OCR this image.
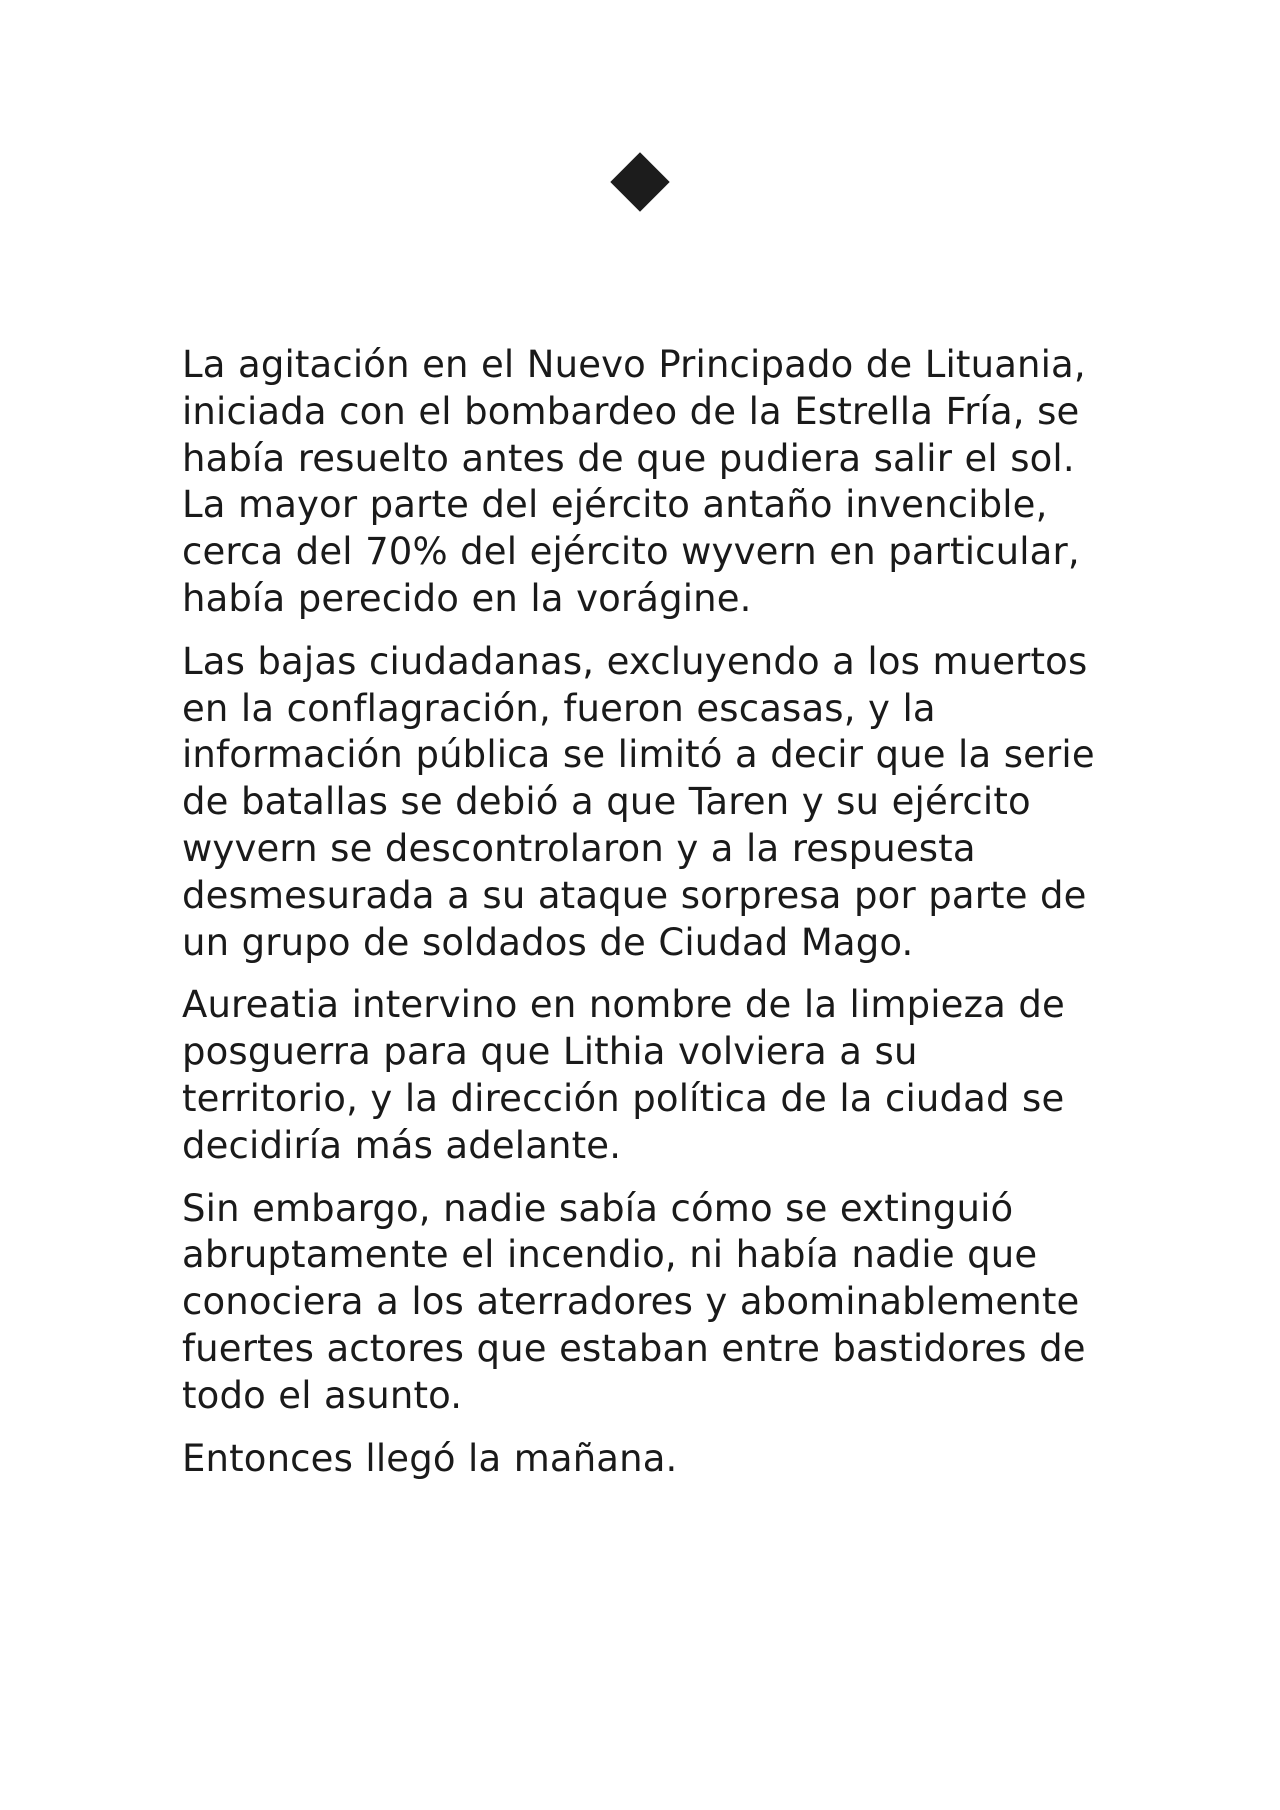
La agitación en el Nuevo Principado de Lituania, iniciada con el bombardeo de la Estrella Fría, se había resuelto antes de que pudiera salir el sol. La mayor parte del ejército antaño invencible, cerca del 70% del ejército wyvern en particular, había perecido en la vorágine.

Las bajas ciudadanas, excluyendo a los muertos en la conflagración, fueron escasas, y la información pública se limitó a decir que la serie de batallas se debió a que Taren y su ejército wyvern se descontrolaron y a la respuesta desmesurada a su ataque sorpresa por parte de un grupo de soldados de Ciudad Mago.

Aureatia intervino en nombre de la limpieza de posguerra para que Lithia volviera a su territorio, y la dirección política de la ciudad se decidiría más adelante.

Sin embargo, nadie sabía cómo se extinguió abruptamente el incendio, ni había nadie que conociera a los aterradores y abominablemente fuertes actores que estaban entre bastidores de todo el asunto.

Entonces llegó la mañana.
